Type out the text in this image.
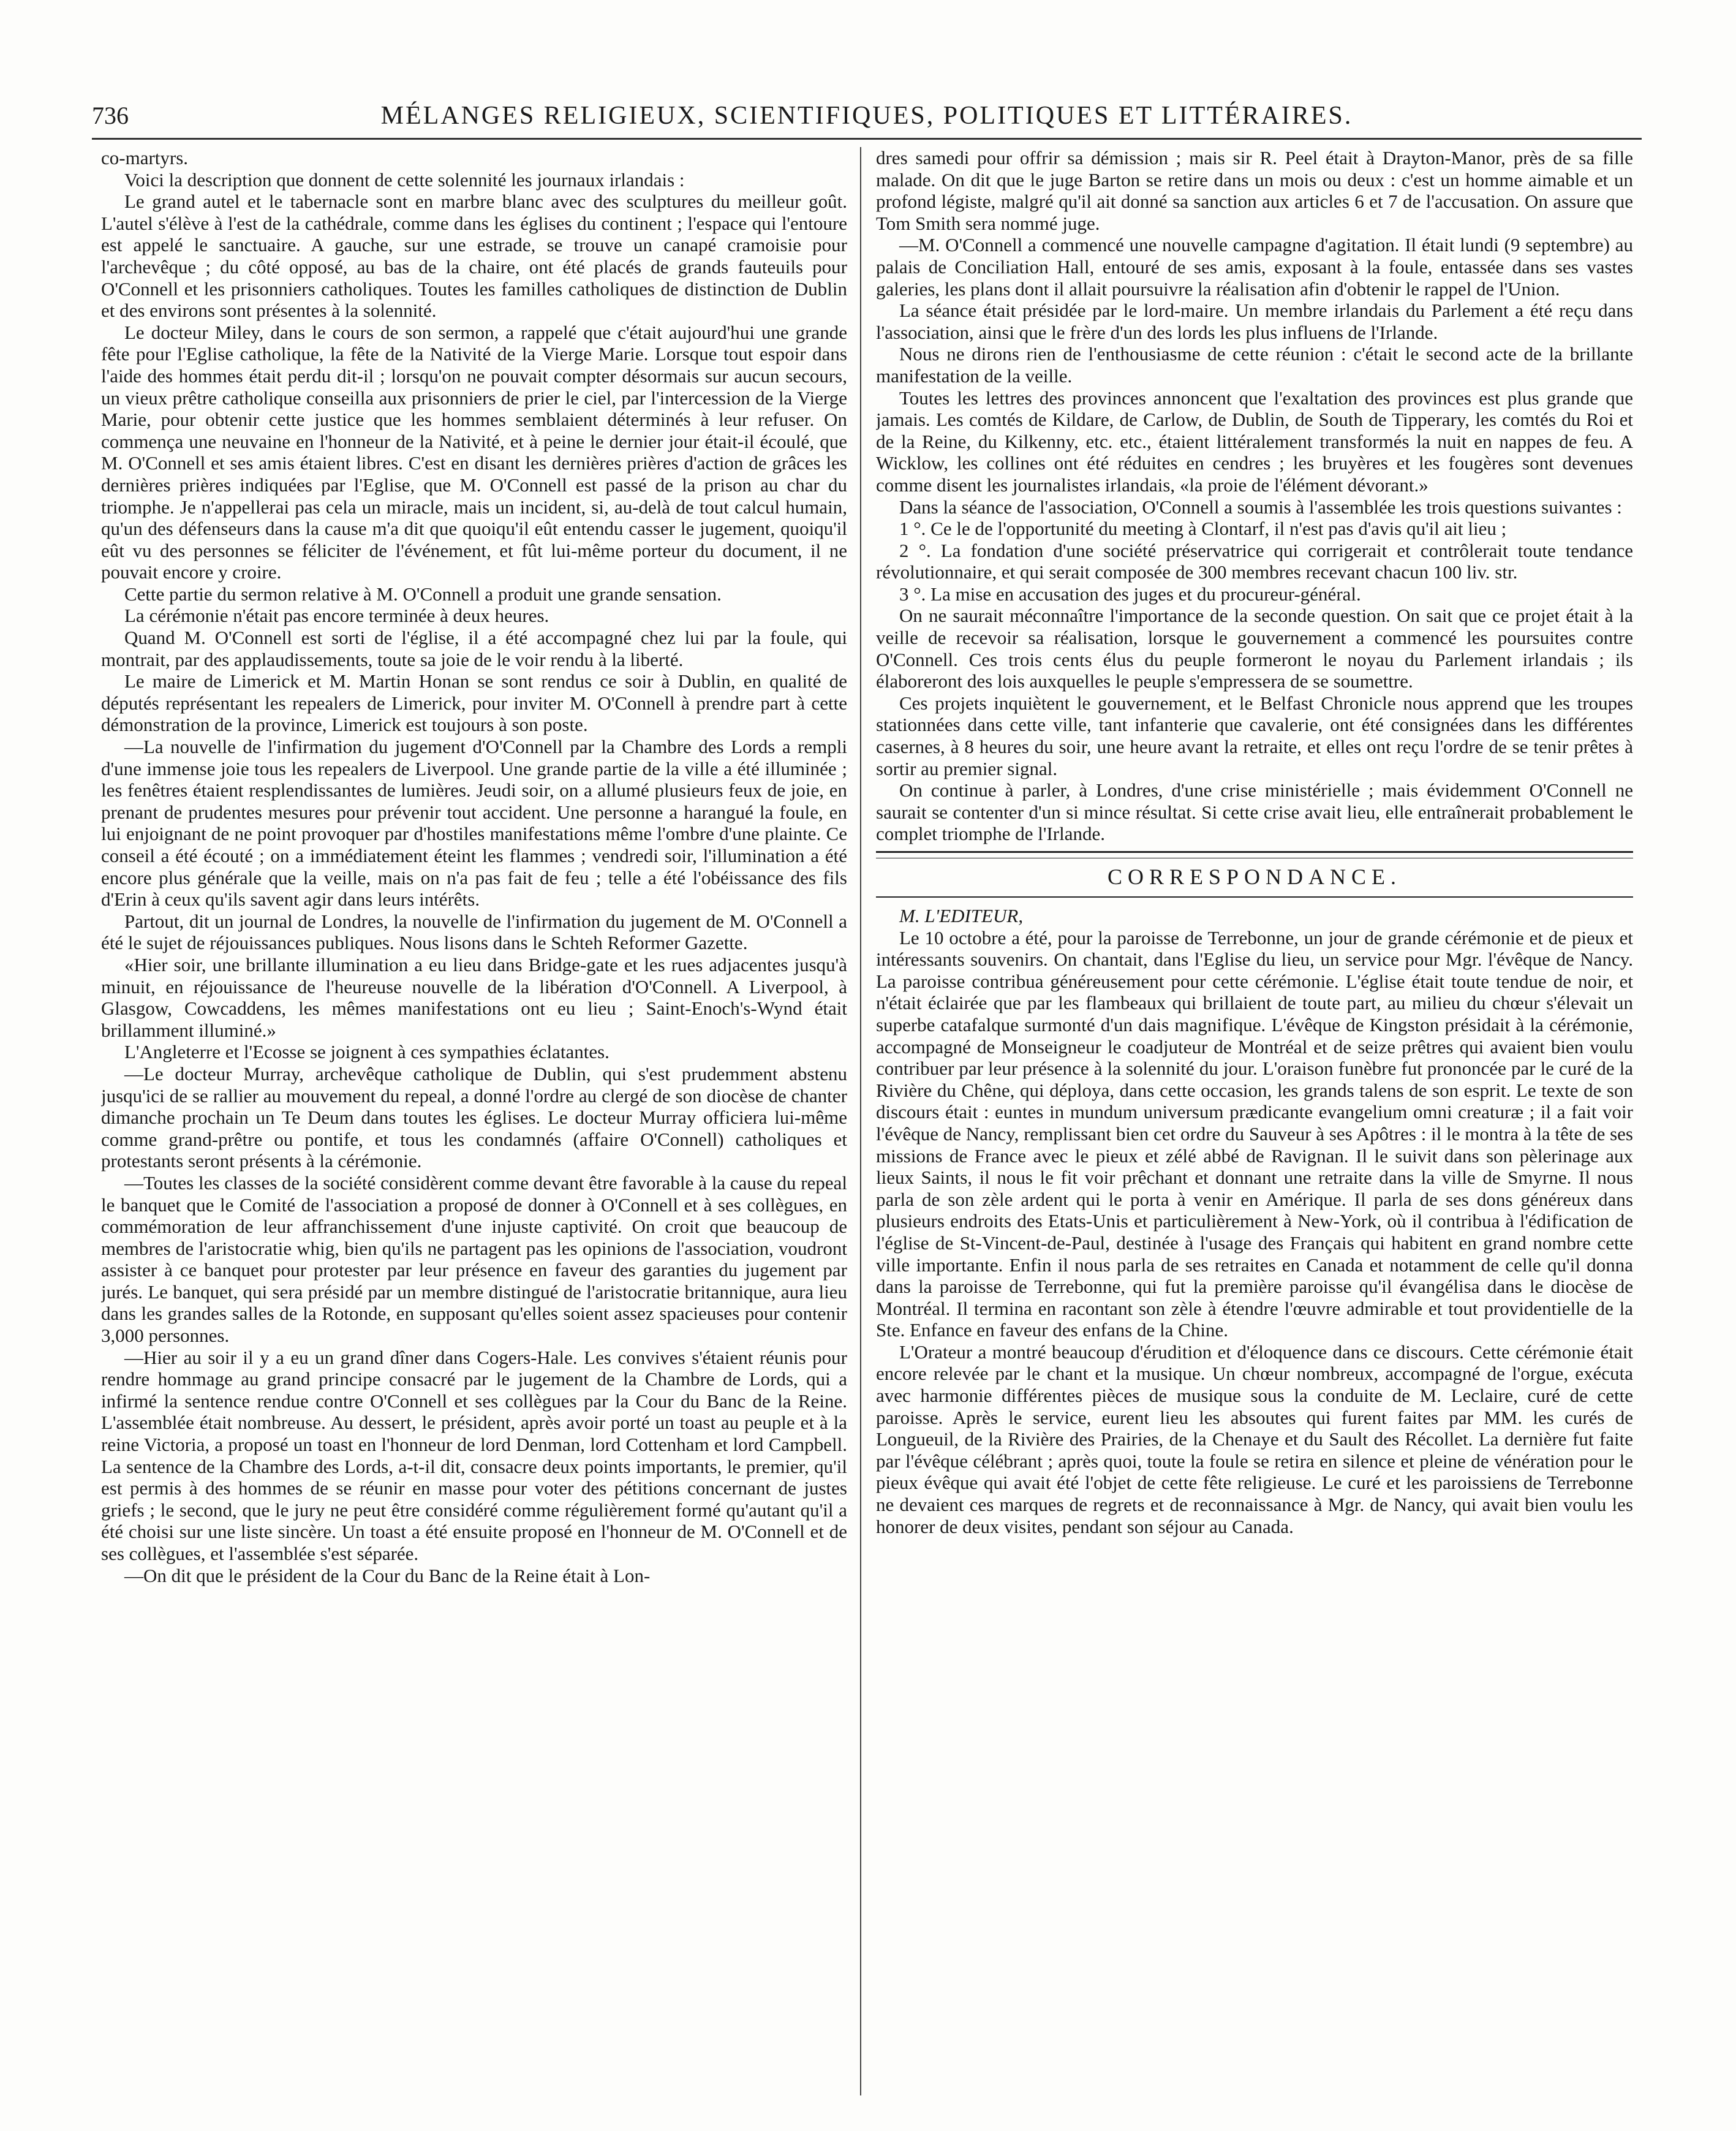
736	MÉLANGES RELIGIEUX, SCIENTIFIQUES, POLITIQUES ET LITTÉRAIRES.

co-martyrs.

Voici la description que donnent de cette solennité les journaux irlandais :

Le grand autel et le tabernacle sont en marbre blanc avec des sculptures du meilleur goût. L'autel s'élève à l'est de la cathédrale, comme dans les églises du continent ; l'espace qui l'entoure est appelé le sanctuaire. A gauche, sur une estrade, se trouve un canapé cramoisie pour l'archevêque ; du côté opposé, au bas de la chaire, ont été placés de grands fauteuils pour O'Connell et les prisonniers catholiques. Toutes les familles catholiques de distinction de Dublin et des environs sont présentes à la solennité.

Le docteur Miley, dans le cours de son sermon, a rappelé que c'était aujourd'hui une grande fête pour l'Eglise catholique, la fête de la Nativité de la Vierge Marie. Lorsque tout espoir dans l'aide des hommes était perdu dit-il ; lorsqu'on ne pouvait compter désormais sur aucun secours, un vieux prêtre catholique conseilla aux prisonniers de prier le ciel, par l'intercession de la Vierge Marie, pour obtenir cette justice que les hommes semblaient déterminés à leur refuser. On commença une neuvaine en l'honneur de la Nativité, et à peine le dernier jour était-il écoulé, que M. O'Connell et ses amis étaient libres. C'est en disant les dernières prières d'action de grâces les dernières prières indiquées par l'Eglise, que M. O'Connell est passé de la prison au char du triomphe. Je n'appellerai pas cela un miracle, mais un incident, si, au-delà de tout calcul humain, qu'un des défenseurs dans la cause m'a dit que quoiqu'il eût entendu casser le jugement, quoiqu'il eût vu des personnes se féliciter de l'événement, et fût lui-même porteur du document, il ne pouvait encore y croire.

Cette partie du sermon relative à M. O'Connell a produit une grande sensation.

La cérémonie n'était pas encore terminée à deux heures.

Quand M. O'Connell est sorti de l'église, il a été accompagné chez lui par la foule, qui montrait, par des applaudissements, toute sa joie de le voir rendu à la liberté.

Le maire de Limerick et M. Martin Honan se sont rendus ce soir à Dublin, en qualité de députés représentant les repealers de Limerick, pour inviter M. O'Connell à prendre part à cette démonstration de la province, Limerick est toujours à son poste.

—La nouvelle de l'infirmation du jugement d'O'Connell par la Chambre des Lords a rempli d'une immense joie tous les repealers de Liverpool. Une grande partie de la ville a été illuminée ; les fenêtres étaient resplendissantes de lumières. Jeudi soir, on a allumé plusieurs feux de joie, en prenant de prudentes mesures pour prévenir tout accident. Une personne a harangué la foule, en lui enjoignant de ne point provoquer par d'hostiles manifestations même l'ombre d'une plainte. Ce conseil a été écouté ; on a immédiatement éteint les flammes ; vendredi soir, l'illumination a été encore plus générale que la veille, mais on n'a pas fait de feu ; telle a été l'obéissance des fils d'Erin à ceux qu'ils savent agir dans leurs intérêts.

Partout, dit un journal de Londres, la nouvelle de l'infirmation du jugement de M. O'Connell a été le sujet de réjouissances publiques. Nous lisons dans le Schteh Reformer Gazette.

«Hier soir, une brillante illumination a eu lieu dans Bridge-gate et les rues adjacentes jusqu'à minuit, en réjouissance de l'heureuse nouvelle de la libération d'O'Connell. A Liverpool, à Glasgow, Cowcaddens, les mêmes manifestations ont eu lieu ; Saint-Enoch's-Wynd était brillamment illuminé.»

L'Angleterre et l'Ecosse se joignent à ces sympathies éclatantes.

—Le docteur Murray, archevêque catholique de Dublin, qui s'est prudemment abstenu jusqu'ici de se rallier au mouvement du repeal, a donné l'ordre au clergé de son diocèse de chanter dimanche prochain un Te Deum dans toutes les églises. Le docteur Murray officiera lui-même comme grand-prêtre ou pontife, et tous les condamnés (affaire O'Connell) catholiques et protestants seront présents à la cérémonie.

—Toutes les classes de la société considèrent comme devant être favorable à la cause du repeal le banquet que le Comité de l'association a proposé de donner à O'Connell et à ses collègues, en commémoration de leur affranchissement d'une injuste captivité. On croit que beaucoup de membres de l'aristocratie whig, bien qu'ils ne partagent pas les opinions de l'association, voudront assister à ce banquet pour protester par leur présence en faveur des garanties du jugement par jurés. Le banquet, qui sera présidé par un membre distingué de l'aristocratie britannique, aura lieu dans les grandes salles de la Rotonde, en supposant qu'elles soient assez spacieuses pour contenir 3,000 personnes.

—Hier au soir il y a eu un grand dîner dans Cogers-Hale. Les convives s'étaient réunis pour rendre hommage au grand principe consacré par le jugement de la Chambre de Lords, qui a infirmé la sentence rendue contre O'Connell et ses collègues par la Cour du Banc de la Reine. L'assemblée était nombreuse. Au dessert, le président, après avoir porté un toast au peuple et à la reine Victoria, a proposé un toast en l'honneur de lord Denman, lord Cottenham et lord Campbell. La sentence de la Chambre des Lords, a-t-il dit, consacre deux points importants, le premier, qu'il est permis à des hommes de se réunir en masse pour voter des pétitions concernant de justes griefs ; le second, que le jury ne peut être considéré comme régulièrement formé qu'autant qu'il a été choisi sur une liste sincère. Un toast a été ensuite proposé en l'honneur de M. O'Connell et de ses collègues, et l'assemblée s'est séparée.

—On dit que le président de la Cour du Banc de la Reine était à Lon-

dres samedi pour offrir sa démission ; mais sir R. Peel était à Drayton-Manor, près de sa fille malade. On dit que le juge Barton se retire dans un mois ou deux : c'est un homme aimable et un profond légiste, malgré qu'il ait donné sa sanction aux articles 6 et 7 de l'accusation. On assure que Tom Smith sera nommé juge.

—M. O'Connell a commencé une nouvelle campagne d'agitation. Il était lundi (9 septembre) au palais de Conciliation Hall, entouré de ses amis, exposant à la foule, entassée dans ses vastes galeries, les plans dont il allait poursuivre la réalisation afin d'obtenir le rappel de l'Union.

La séance était présidée par le lord-maire. Un membre irlandais du Parlement a été reçu dans l'association, ainsi que le frère d'un des lords les plus influens de l'Irlande.

Nous ne dirons rien de l'enthousiasme de cette réunion : c'était le second acte de la brillante manifestation de la veille.

Toutes les lettres des provinces annoncent que l'exaltation des provinces est plus grande que jamais. Les comtés de Kildare, de Carlow, de Dublin, de South de Tipperary, les comtés du Roi et de la Reine, du Kilkenny, etc. etc., étaient littéralement transformés la nuit en nappes de feu. A Wicklow, les collines ont été réduites en cendres ; les bruyères et les fougères sont devenues comme disent les journalistes irlandais, «la proie de l'élément dévorant.»

Dans la séance de l'association, O'Connell a soumis à l'assemblée les trois questions suivantes :

1 °. Ce le de l'opportunité du meeting à Clontarf, il n'est pas d'avis qu'il ait lieu ;

2 °. La fondation d'une société préservatrice qui corrigerait et contrôlerait toute tendance révolutionnaire, et qui serait composée de 300 membres recevant chacun 100 liv. str.

3 °. La mise en accusation des juges et du procureur-général.

On ne saurait méconnaître l'importance de la seconde question. On sait que ce projet était à la veille de recevoir sa réalisation, lorsque le gouvernement a commencé les poursuites contre O'Connell. Ces trois cents élus du peuple formeront le noyau du Parlement irlandais ; ils élaboreront des lois auxquelles le peuple s'empressera de se soumettre.

Ces projets inquiètent le gouvernement, et le Belfast Chronicle nous apprend que les troupes stationnées dans cette ville, tant infanterie que cavalerie, ont été consignées dans les différentes casernes, à 8 heures du soir, une heure avant la retraite, et elles ont reçu l'ordre de se tenir prêtes à sortir au premier signal.

On continue à parler, à Londres, d'une crise ministérielle ; mais évidemment O'Connell ne saurait se contenter d'un si mince résultat. Si cette crise avait lieu, elle entraînerait probablement le complet triomphe de l'Irlande.

CORRESPONDANCE.

M. L'EDITEUR,

Le 10 octobre a été, pour la paroisse de Terrebonne, un jour de grande cérémonie et de pieux et intéressants souvenirs. On chantait, dans l'Eglise du lieu, un service pour Mgr. l'évêque de Nancy. La paroisse contribua généreusement pour cette cérémonie. L'église était toute tendue de noir, et n'était éclairée que par les flambeaux qui brillaient de toute part, au milieu du chœur s'élevait un superbe catafalque surmonté d'un dais magnifique. L'évêque de Kingston présidait à la cérémonie, accompagné de Monseigneur le coadjuteur de Montréal et de seize prêtres qui avaient bien voulu contribuer par leur présence à la solennité du jour. L'oraison funèbre fut prononcée par le curé de la Rivière du Chêne, qui déploya, dans cette occasion, les grands talens de son esprit. Le texte de son discours était : euntes in mundum universum prædicante evangelium omni creaturæ ; il a fait voir l'évêque de Nancy, remplissant bien cet ordre du Sauveur à ses Apôtres : il le montra à la tête de ses missions de France avec le pieux et zélé abbé de Ravignan. Il le suivit dans son pèlerinage aux lieux Saints, il nous le fit voir prêchant et donnant une retraite dans la ville de Smyrne. Il nous parla de son zèle ardent qui le porta à venir en Amérique. Il parla de ses dons généreux dans plusieurs endroits des Etats-Unis et particulièrement à New-York, où il contribua à l'édification de l'église de St-Vincent-de-Paul, destinée à l'usage des Français qui habitent en grand nombre cette ville importante. Enfin il nous parla de ses retraites en Canada et notamment de celle qu'il donna dans la paroisse de Terrebonne, qui fut la première paroisse qu'il évangélisa dans le diocèse de Montréal. Il termina en racontant son zèle à étendre l'œuvre admirable et tout providentielle de la Ste. Enfance en faveur des enfans de la Chine.

L'Orateur a montré beaucoup d'érudition et d'éloquence dans ce discours. Cette cérémonie était encore relevée par le chant et la musique. Un chœur nombreux, accompagné de l'orgue, exécuta avec harmonie différentes pièces de musique sous la conduite de M. Leclaire, curé de cette paroisse. Après le service, eurent lieu les absoutes qui furent faites par MM. les curés de Longueuil, de la Rivière des Prairies, de la Chenaye et du Sault des Récollet. La dernière fut faite par l'évêque célébrant ; après quoi, toute la foule se retira en silence et pleine de vénération pour le pieux évêque qui avait été l'objet de cette fête religieuse. Le curé et les paroissiens de Terrebonne ne devaient ces marques de regrets et de reconnaissance à Mgr. de Nancy, qui avait bien voulu les honorer de deux visites, pendant son séjour au Canada.
